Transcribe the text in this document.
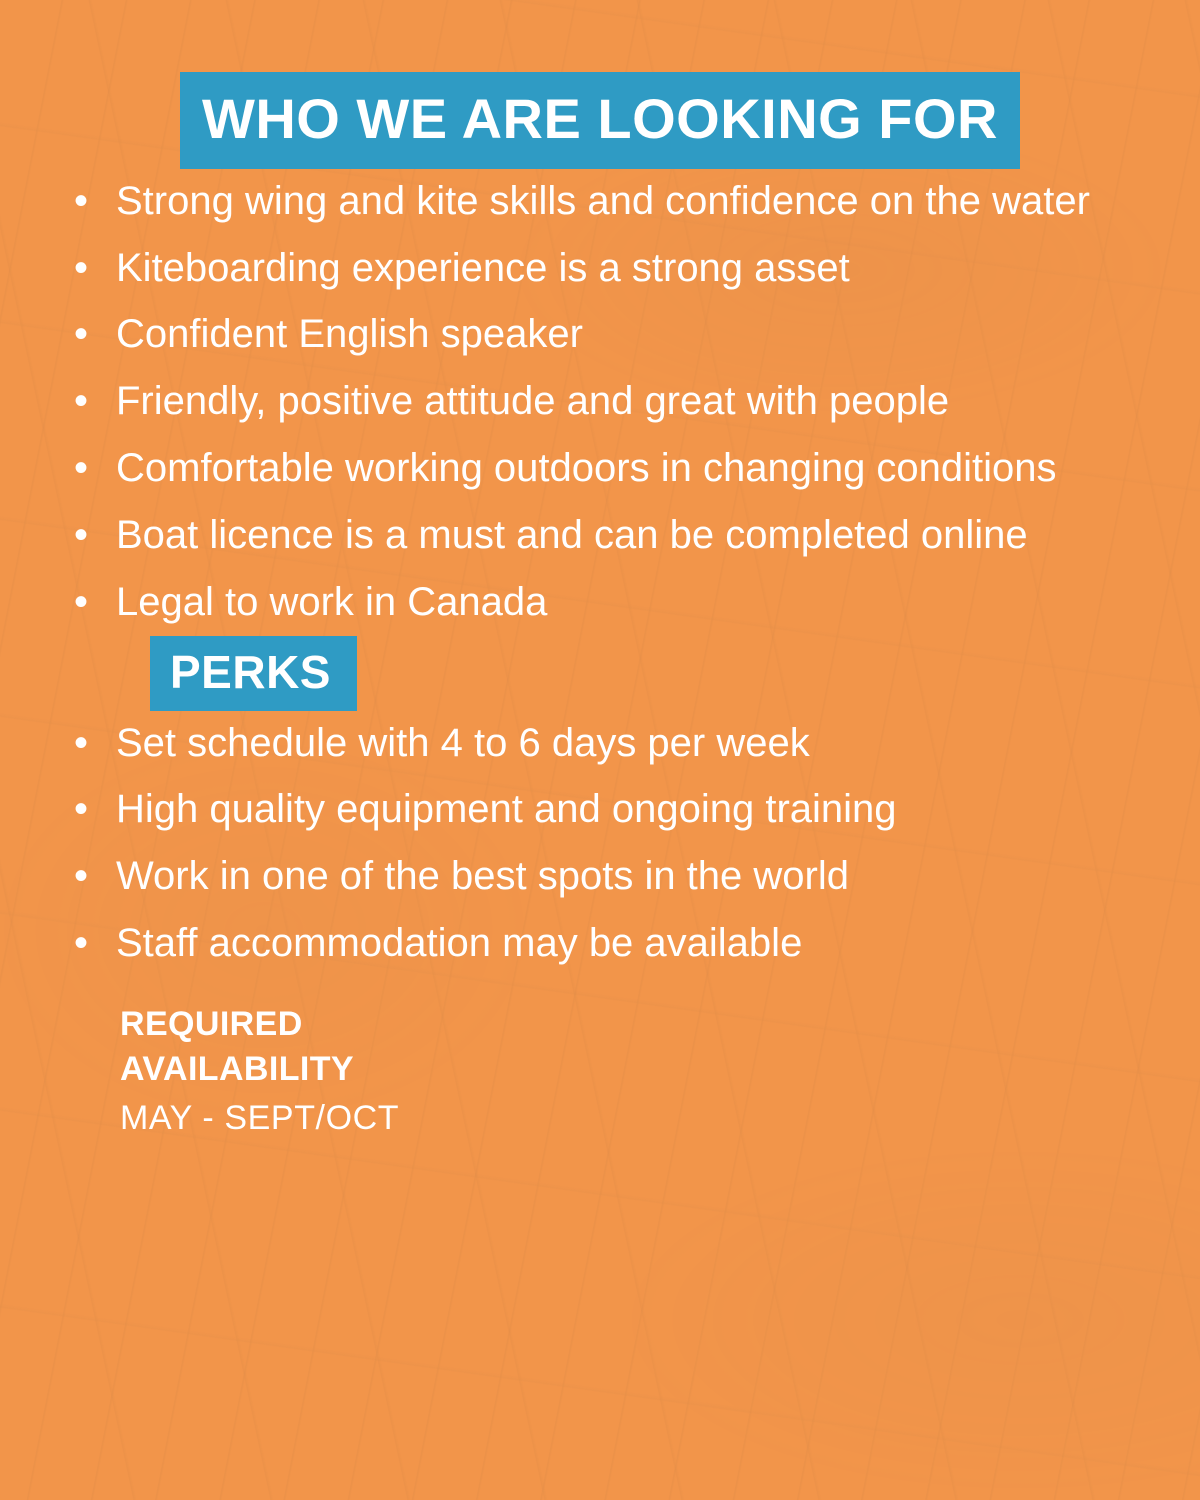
WHO WE ARE LOOKING FOR
• Strong wing and kite skills and confidence on the water
• Kiteboarding experience is a strong asset
• Confident English speaker
• Friendly, positive attitude and great with people
• Comfortable working outdoors in changing conditions
• Boat licence is a must and can be completed online
• Legal to work in Canada
PERKS
• Set schedule with 4 to 6 days per week
• High quality equipment and ongoing training
• Work in one of the best spots in the world
• Staff accommodation may be available
REQUIRED
AVAILABILITY
MAY - SEPT/OCT
